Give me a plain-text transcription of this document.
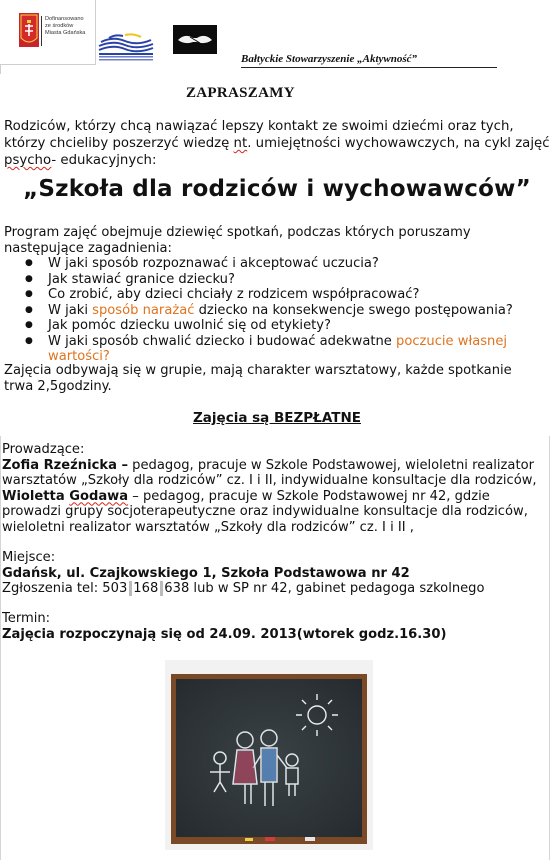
Dofinansowano
ze środków
Miasta Gdańska
Bałtyckie Stowarzyszenie „Aktywność”
ZAPRASZAMY
Rodziców, którzy chcą nawiązać lepszy kontakt ze swoimi dziećmi oraz tych,
którzy chcieliby poszerzyć wiedzę nt. umiejętności wychowawczych, na cykl zajęć
psycho- edukacyjnych:
„Szkoła dla rodziców i wychowawców”
Program zajęć obejmuje dziewięć spotkań, podczas których poruszamy
następujące zagadnienia:
● W jaki sposób rozpoznawać i akceptować uczucia?
● Jak stawiać granice dziecku?
● Co zrobić, aby dzieci chciały z rodzicem współpracować?
● W jaki sposób narażać dziecko na konsekwencje swego postępowania?
● Jak pomóc dziecku uwolnić się od etykiety?
● W jaki sposób chwalić dziecko i budować adekwatne poczucie własnej
wartości?
Zajęcia odbywają się w grupie, mają charakter warsztatowy, każde spotkanie
trwa 2,5godziny.
Zajęcia są BEZPŁATNE
Prowadzące:
Zofia Rzeźnicka – pedagog, pracuje w Szkole Podstawowej, wieloletni realizator
warsztatów „Szkoły dla rodziców” cz. I i II, indywidualne konsultacje dla rodziców,
Wioletta Godawa – pedagog, pracuje w Szkole Podstawowej nr 42, gdzie
prowadzi grupy socjoterapeutyczne oraz indywidualne konsultacje dla rodziców,
wieloletni realizator warsztatów „Szkoły dla rodziców” cz. I i II ,
Miejsce:
Gdańsk, ul. Czajkowskiego 1, Szkoła Podstawowa nr 42
Zgłoszenia tel: 503 168 638 lub w SP nr 42, gabinet pedagoga szkolnego
Termin:
Zajęcia rozpoczynają się od 24.09. 2013(wtorek godz.16.30)
